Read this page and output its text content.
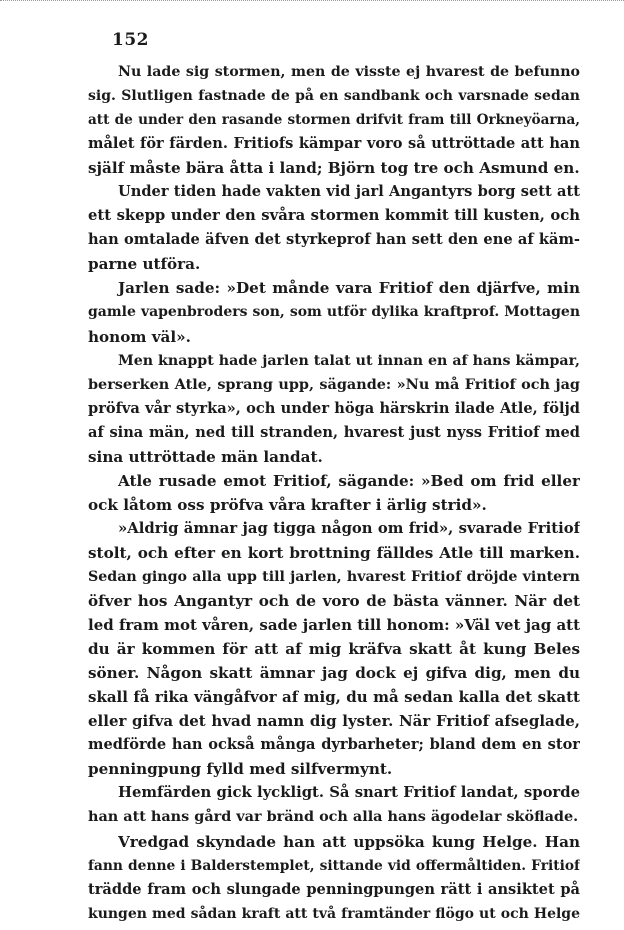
152
Nu lade sig stormen, men de visste ej hvarest de befunno
sig. Slutligen fastnade de på en sandbank och varsnade sedan
att de under den rasande stormen drifvit fram till Orkneyöarna,
målet för färden. Fritiofs kämpar voro så uttröttade att han
själf måste bära åtta i land; Björn tog tre och Asmund en.
Under tiden hade vakten vid jarl Angantyrs borg sett att
ett skepp under den svåra stormen kommit till kusten, och
han omtalade äfven det styrkeprof han sett den ene af käm-
parne utföra.
Jarlen sade: »Det månde vara Fritiof den djärfve, min
gamle vapenbroders son, som utför dylika kraftprof. Mottagen
honom väl».
Men knappt hade jarlen talat ut innan en af hans kämpar,
berserken Atle, sprang upp, sägande: »Nu må Fritiof och jag
pröfva vår styrka», och under höga härskrin ilade Atle, följd
af sina män, ned till stranden, hvarest just nyss Fritiof med
sina uttröttade män landat.
Atle rusade emot Fritiof, sägande: »Bed om frid eller
ock låtom oss pröfva våra krafter i ärlig strid».
»Aldrig ämnar jag tigga någon om frid», svarade Fritiof
stolt, och efter en kort brottning fälldes Atle till marken.
Sedan gingo alla upp till jarlen, hvarest Fritiof dröjde vintern
öfver hos Angantyr och de voro de bästa vänner. När det
led fram mot våren, sade jarlen till honom: »Väl vet jag att
du är kommen för att af mig kräfva skatt åt kung Beles
söner. Någon skatt ämnar jag dock ej gifva dig, men du
skall få rika vängåfvor af mig, du må sedan kalla det skatt
eller gifva det hvad namn dig lyster. När Fritiof afseglade,
medförde han också många dyrbarheter; bland dem en stor
penningpung fylld med silfvermynt.
Hemfärden gick lyckligt. Så snart Fritiof landat, sporde
han att hans gård var bränd och alla hans ägodelar sköflade.
Vredgad skyndade han att uppsöka kung Helge. Han
fann denne i Balderstemplet, sittande vid offermåltiden. Fritiof
trädde fram och slungade penningpungen rätt i ansiktet på
kungen med sådan kraft att två framtänder flögo ut och Helge
